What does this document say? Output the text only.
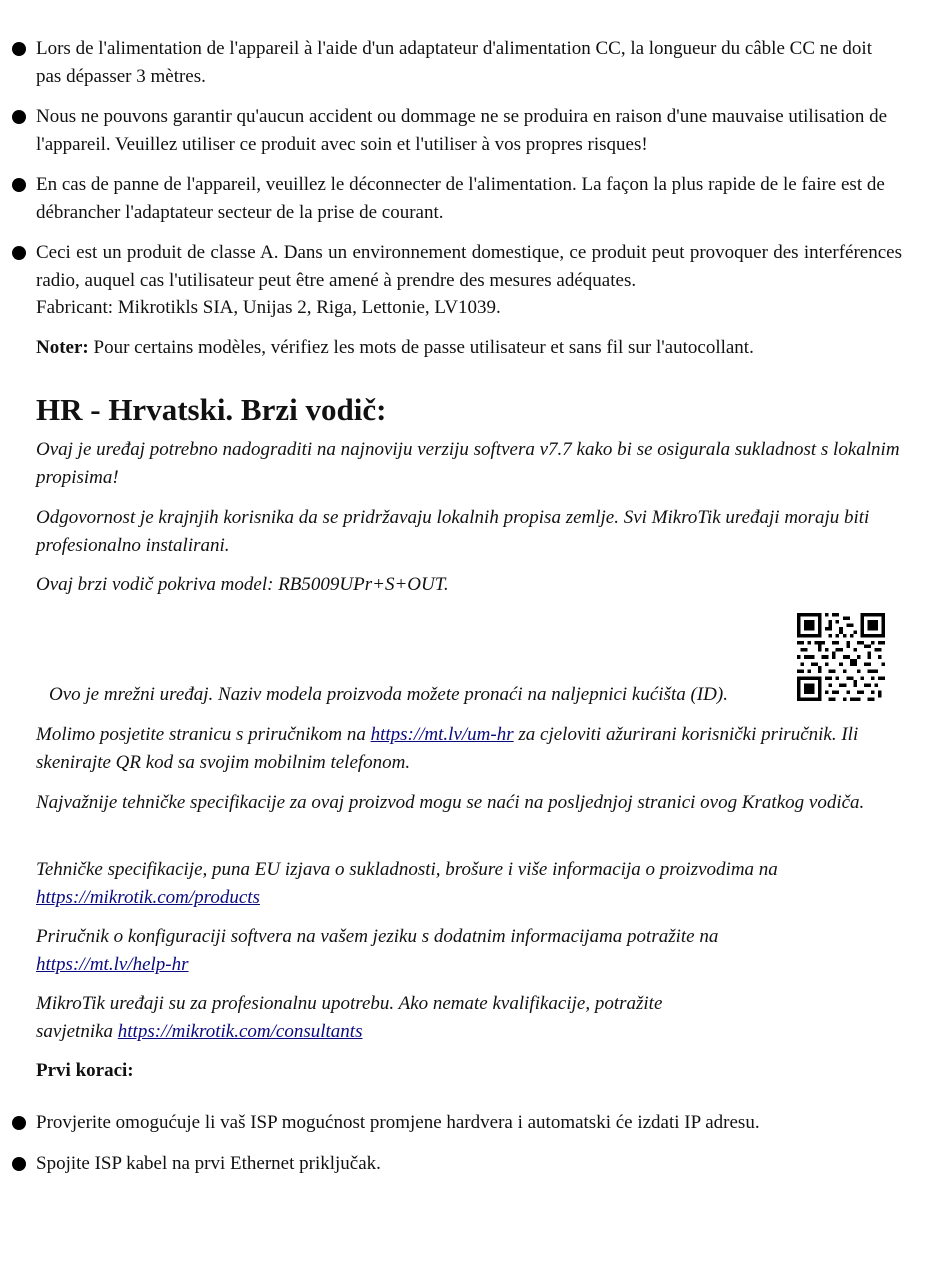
Lors de l'alimentation de l'appareil à l'aide d'un adaptateur d'alimentation CC, la longueur du câble CC ne doit pas dépasser 3 mètres.

Nous ne pouvons garantir qu'aucun accident ou dommage ne se produira en raison d'une mauvaise utilisation de l'appareil. Veuillez utiliser ce produit avec soin et l'utiliser à vos propres risques!

En cas de panne de l'appareil, veuillez le déconnecter de l'alimentation. La façon la plus rapide de le faire est de débrancher l'adaptateur secteur de la prise de courant.

Ceci est un produit de classe A. Dans un environnement domestique, ce produit peut provoquer des interférences radio, auquel cas l'utilisateur peut être amené à prendre des mesures adéquates.

Fabricant: Mikrotikls SIA, Unijas 2, Riga, Lettonie, LV1039.

Noter: Pour certains modèles, vérifiez les mots de passe utilisateur et sans fil sur l'autocollant.

HR - Hrvatski. Brzi vodič:

Ovaj je uređaj potrebno nadograditi na najnoviju verziju softvera v7.7 kako bi se osigurala sukladnost s lokalnim propisima!

Odgovornost je krajnjih korisnika da se pridržavaju lokalnih propisa zemlje. Svi MikroTik uređaji moraju biti profesionalno instalirani.

Ovaj brzi vodič pokriva model: RB5009UPr+S+OUT.

Ovo je mrežni uređaj. Naziv modela proizvoda možete pronaći na naljepnici kućišta (ID).

Molimo posjetite stranicu s priručnikom na https://mt.lv/um-hr za cjeloviti ažurirani korisnički priručnik. Ili skenirajte QR kod sa svojim mobilnim telefonom.

Najvažnije tehničke specifikacije za ovaj proizvod mogu se naći na posljednjoj stranici ovog Kratkog vodiča.

Tehničke specifikacije, puna EU izjava o sukladnosti, brošure i više informacija o proizvodima na https://mikrotik.com/products

Priručnik o konfiguraciji softvera na vašem jeziku s dodatnim informacijama potražite na https://mt.lv/help-hr

MikroTik uređaji su za profesionalnu upotrebu. Ako nemate kvalifikacije, potražite savjetnika https://mikrotik.com/consultants

Prvi koraci:

Provjerite omogućuje li vaš ISP mogućnost promjene hardvera i automatski će izdati IP adresu.

Spojite ISP kabel na prvi Ethernet priključak.
